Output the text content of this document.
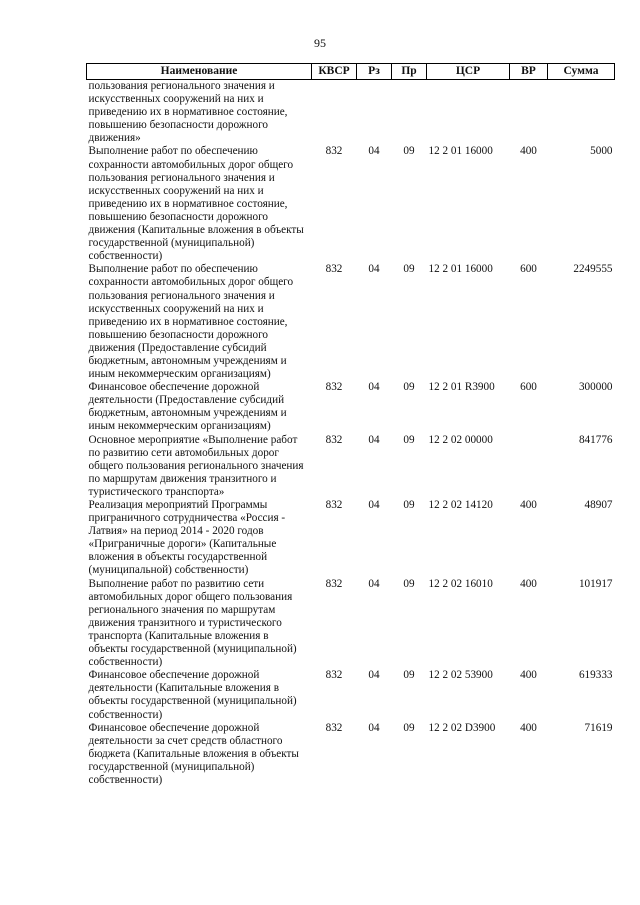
95
Наименование	КВСР	Рз	Пр	ЦСР	ВР	Сумма
пользования регионального значения и искусственных сооружений на них и приведению их в нормативное состояние, повышению безопасности дорожного движения»						
Выполнение работ по обеспечению сохранности автомобильных дорог общего пользования регионального значения и искусственных сооружений на них и приведению их в нормативное состояние, повышению безопасности дорожного движения (Капитальные вложения в объекты государственной (муниципальной) собственности)	832	04	09	12 2 01 16000	400	5000
Выполнение работ по обеспечению сохранности автомобильных дорог общего пользования регионального значения и искусственных сооружений на них и приведению их в нормативное состояние, повышению безопасности дорожного движения (Предоставление субсидий бюджетным, автономным учреждениям и иным некоммерческим организациям)	832	04	09	12 2 01 16000	600	2249555
Финансовое обеспечение дорожной деятельности (Предоставление субсидий бюджетным, автономным учреждениям и иным некоммерческим организациям)	832	04	09	12 2 01 R3900	600	300000
Основное мероприятие «Выполнение работ по развитию сети автомобильных дорог общего пользования регионального значения по маршрутам движения транзитного и туристического транспорта»	832	04	09	12 2 02 00000		841776
Реализация мероприятий Программы приграничного сотрудничества «Россия - Латвия» на период 2014 - 2020 годов «Приграничные дороги» (Капитальные вложения в объекты государственной (муниципальной) собственности)	832	04	09	12 2 02 14120	400	48907
Выполнение работ по развитию сети автомобильных дорог общего пользования регионального значения по маршрутам движения транзитного и туристического транспорта (Капитальные вложения в объекты государственной (муниципальной) собственности)	832	04	09	12 2 02 16010	400	101917
Финансовое обеспечение дорожной деятельности (Капитальные вложения в объекты государственной (муниципальной) собственности)	832	04	09	12 2 02 53900	400	619333
Финансовое обеспечение дорожной деятельности за счет средств областного бюджета (Капитальные вложения в объекты государственной (муниципальной) собственности)	832	04	09	12 2 02 D3900	400	71619
